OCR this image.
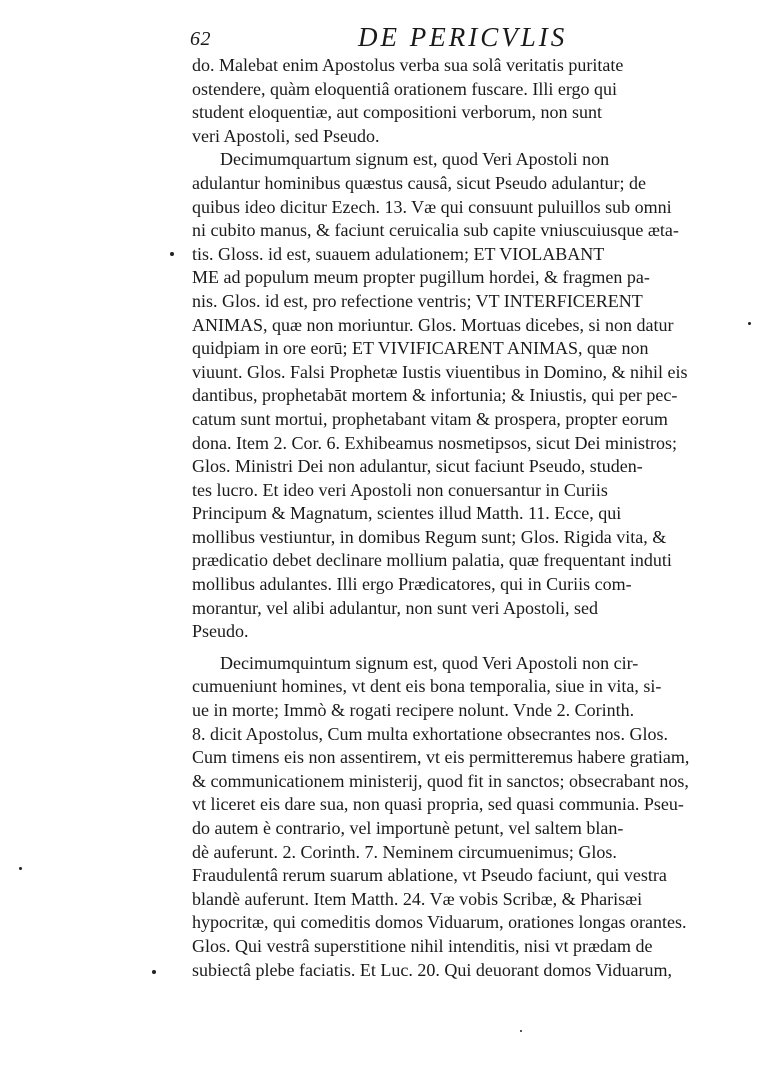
62	DE PERICVLIS
do. Malebat enim Apostolus verba sua solâ veritatis puritate
ostendere, quàm eloquentiâ orationem fuscare. Illi ergo qui
student eloquentiæ, aut compositioni verborum, non sunt
veri Apostoli, sed Pseudo.
Decimumquartum signum est, quod Veri Apostoli non
adulantur hominibus quæstus causâ, sicut Pseudo adulantur; de
quibus ideo dicitur Ezech. 13. Væ qui consuunt puluillos sub omni
ni cubito manus, & faciunt ceruicalia sub capite vniuscuiusque æta-
tis. Gloss. id est, suauem adulationem; ET VIOLABANT
ME ad populum meum propter pugillum hordei, & fragmen pa-
nis. Glos. id est, pro refectione ventris; VT INTERFICERENT
ANIMAS, quæ non moriuntur. Glos. Mortuas dicebes, si non datur
quidpiam in ore eorū; ET VIVIFICARENT ANIMAS, quæ non
viuunt. Glos. Falsi Prophetæ Iustis viuentibus in Domino, & nihil eis
dantibus, prophetabāt mortem & infortunia; & Iniustis, qui per pec-
catum sunt mortui, prophetabant vitam & prospera, propter eorum
dona. Item 2. Cor. 6. Exhibeamus nosmetipsos, sicut Dei ministros;
Glos. Ministri Dei non adulantur, sicut faciunt Pseudo, studen-
tes lucro. Et ideo veri Apostoli non conuersantur in Curiis
Principum & Magnatum, scientes illud Matth. 11. Ecce, qui
mollibus vestiuntur, in domibus Regum sunt; Glos. Rigida vita, &
prædicatio debet declinare mollium palatia, quæ frequentant induti
mollibus adulantes. Illi ergo Prædicatores, qui in Curiis com-
morantur, vel alibi adulantur, non sunt veri Apostoli, sed
Pseudo.
Decimumquintum signum est, quod Veri Apostoli non cir-
cumueniunt homines, vt dent eis bona temporalia, siue in vita, si-
ue in morte; Immò & rogati recipere nolunt. Vnde 2. Corinth.
8. dicit Apostolus, Cum multa exhortatione obsecrantes nos. Glos.
Cum timens eis non assentirem, vt eis permitteremus habere gratiam,
& communicationem ministerij, quod fit in sanctos; obsecrabant nos,
vt liceret eis dare sua, non quasi propria, sed quasi communia. Pseu-
do autem è contrario, vel importunè petunt, vel saltem blan-
dè auferunt. 2. Corinth. 7. Neminem circumuenimus; Glos.
Fraudulentâ rerum suarum ablatione, vt Pseudo faciunt, qui vestra
blandè auferunt. Item Matth. 24. Væ vobis Scribæ, & Pharisæi
hypocritæ, qui comeditis domos Viduarum, orationes longas orantes.
Glos. Qui vestrâ superstitione nihil intenditis, nisi vt prædam de
subiectâ plebe faciatis. Et Luc. 20. Qui deuorant domos Viduarum,
